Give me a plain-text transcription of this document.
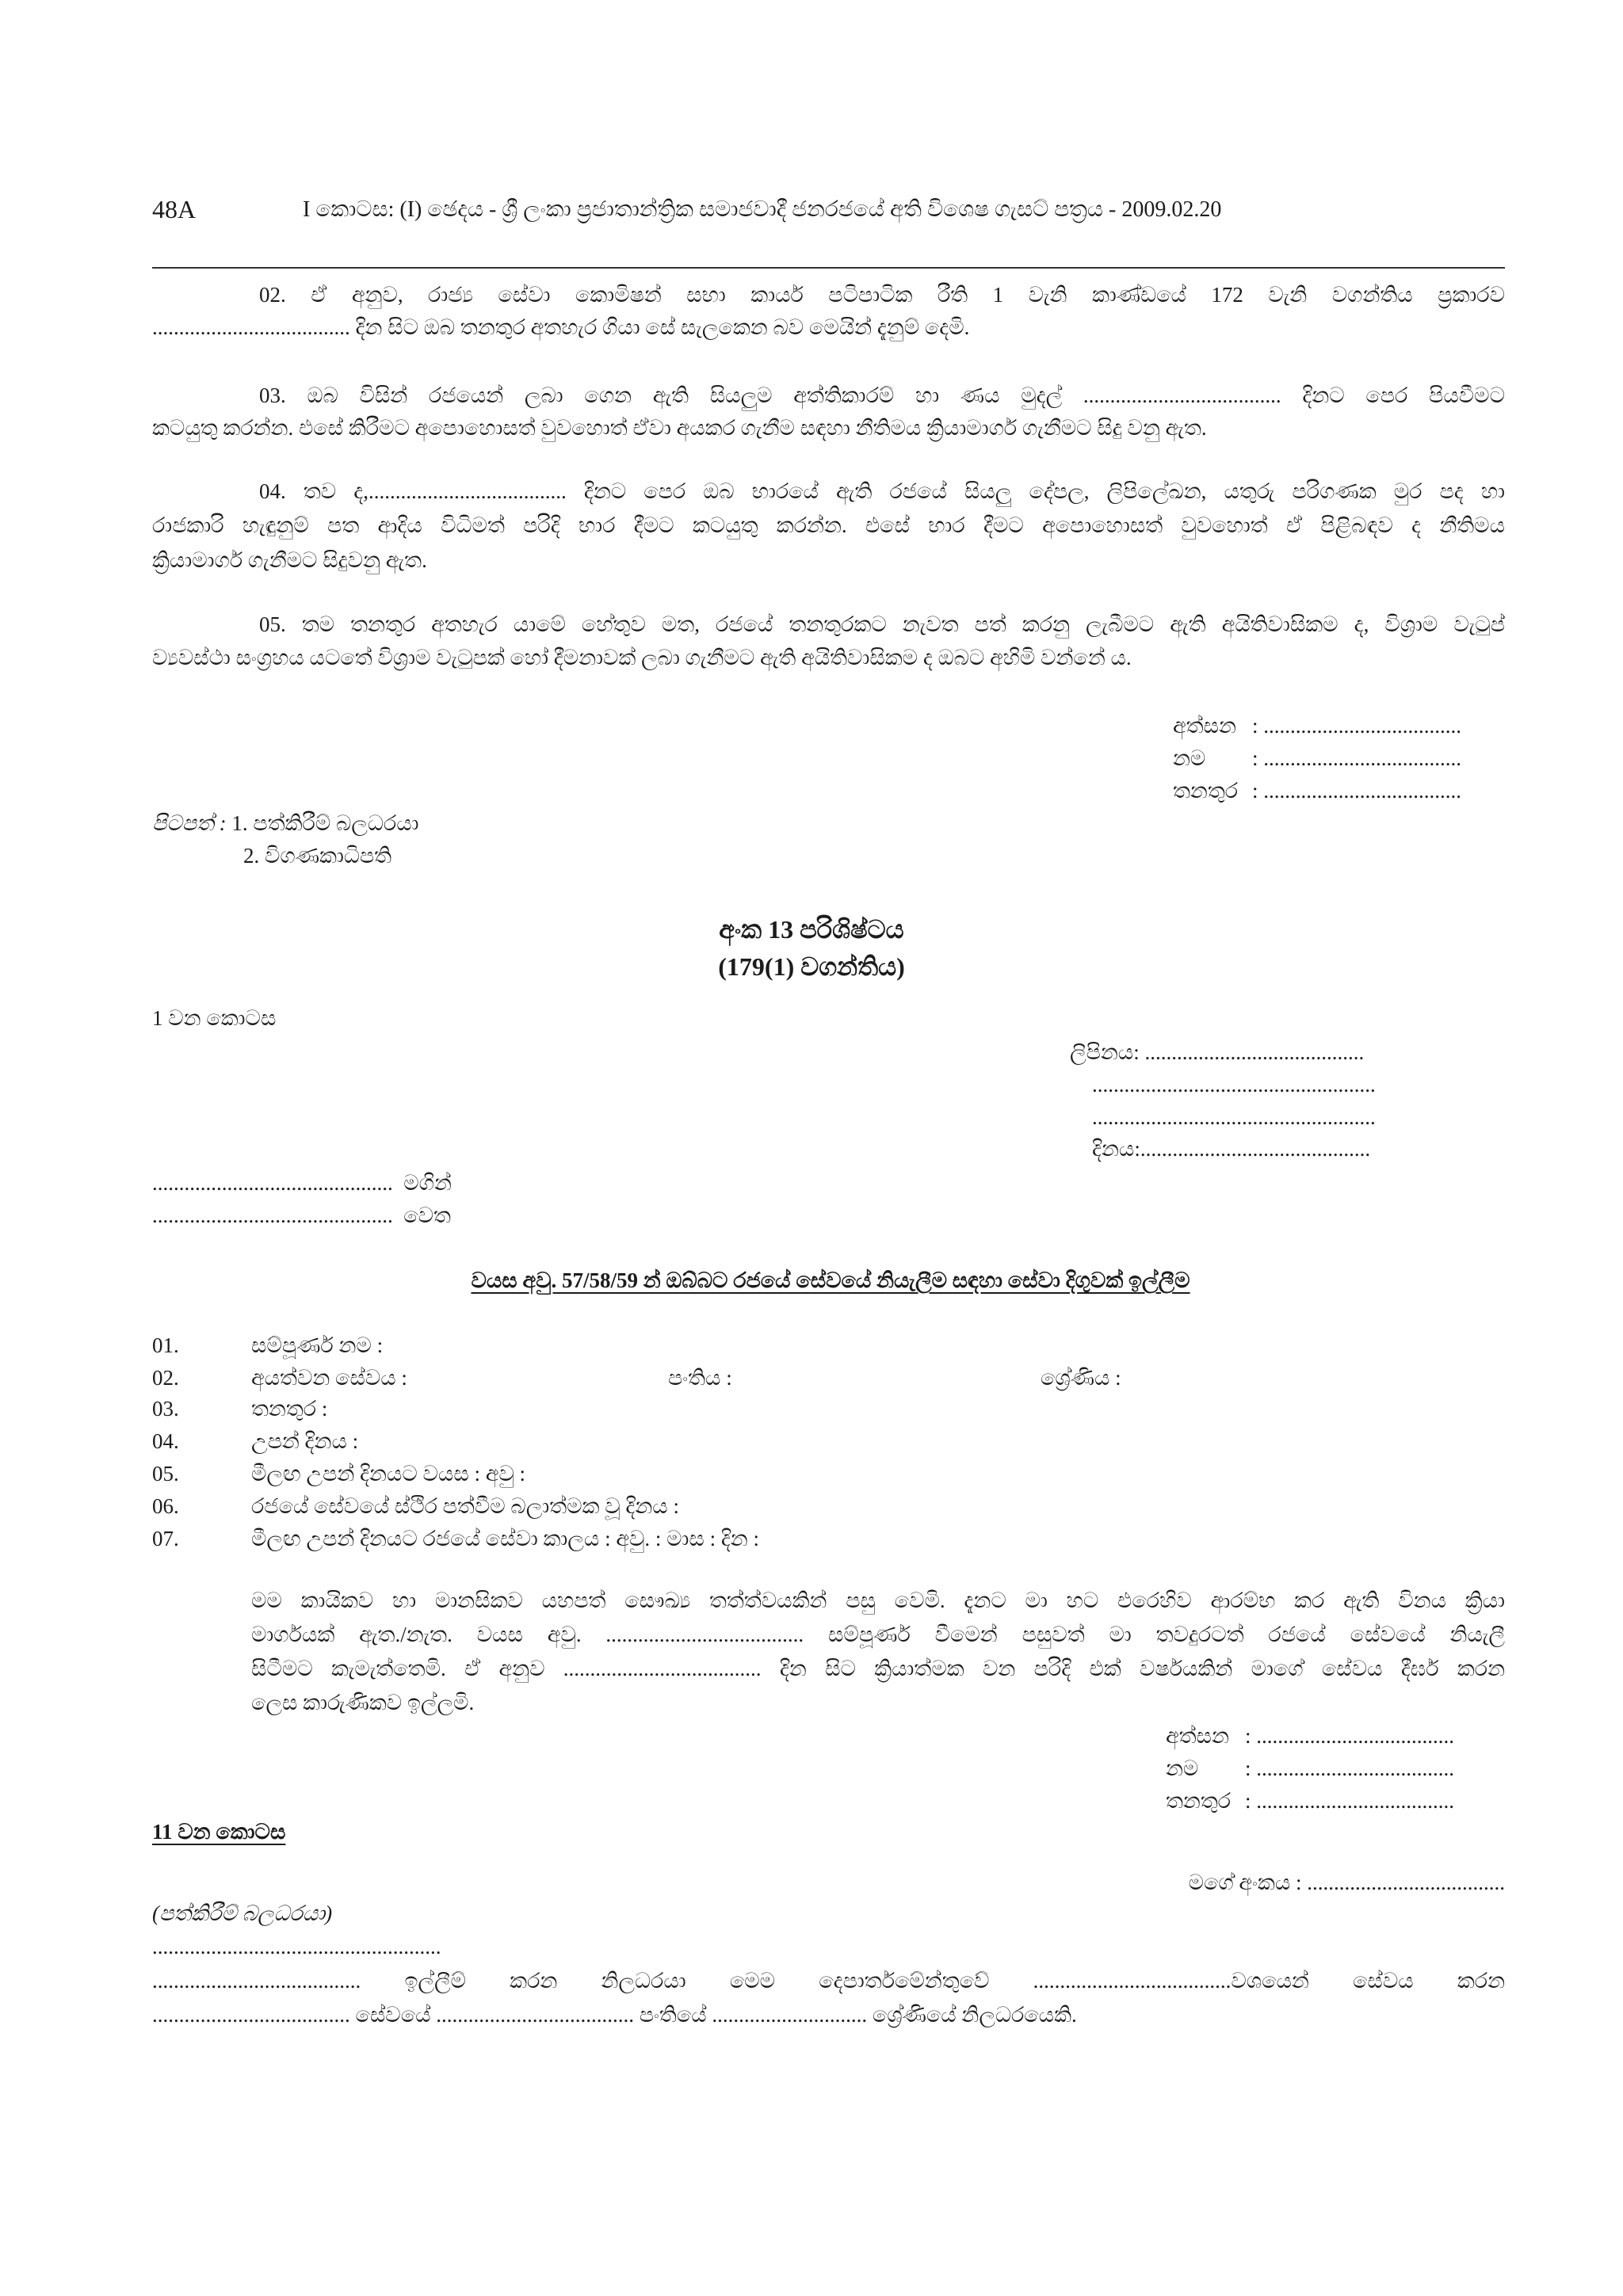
48A	I කොටස: (I) ඡෙදය - ශ්‍රී ලංකා ප්‍රජාතාන්ත්‍රික සමාජවාදී ජනරජයේ අති විශෙෂ ගැසට් පත්‍රය - 2009.02.20
02. ඒ අනුව, රාජ්‍ය සේවා කොමිෂන් සභා කාර්ය පටිපාටික රීති 1 වැනි කාණ්ඩයේ 172 වැනි වගන්තිය ප්‍රකාරව
..................................... දින සිට ඔබ තනතුර අතහැර ගියා සේ සැලකෙන බව මෙයින් දැනුම් දෙමි.
03. ඔබ විසින් රජයෙන් ලබා ගෙන ඇති සියලුම අත්තිකාරම් හා ණය මුදල් ..................................... දිනට පෙර පියවීමට
කටයුතු කරන්න. එසේ කිරීමට අපොහොසත් වුවහොත් ඒවා අයකර ගැනීම සඳහා නීතිමය ක්‍රියාමාර්ග ගැනීමට සිදු වනු ඇත.
04. තව ද,..................................... දිනට පෙර ඔබ භාරයේ ඇති රජයේ සියලු දේපල, ලිපිලේඛන, යතුරු පරිගණක මුර පද හා
රාජකාරි හැඳුනුම් පත ආදිය විධිමත් පරිදි භාර දීමට කටයුතු කරන්න. එසේ භාර දීමට අපොහොසත් වුවහොත් ඒ පිළිබඳව ද නීතිමය
ක්‍රියාමාර්ග ගැනීමට සිදුවනු ඇත.
05. තම තනතුර අතහැර යාමේ හේතුව මත, රජයේ තනතුරකට නැවත පත් කරනු ලැබීමට ඇති අයිතිවාසිකම ද, විශ්‍රාම වැටුප්
ව්‍යවස්ථා සංග්‍රහය යටතේ විශ්‍රාම වැටුපක් හෝ දීමනාවක් ලබා ගැනීමට ඇති අයිතිවාසිකම ද ඔබට අහිමි වන්නේ ය.
අත්සන : .....................................
නම : .....................................
තනතුර : .....................................
පිටපත් : 1. පත්කිරීම් බලධරයා
2. විගණකාධිපති
අංක 13 පරිශිෂ්ටය
(179(1) වගන්තිය)
1 වන කොටස
ලිපිනය: .........................................
.....................................................
.....................................................
දිනය:...........................................
............................................. මගින්
............................................. වෙත
වයස අවු. 57/58/59 න් ඔබ්බට රජයේ සේවයේ නියැලීම සඳහා සේවා දිගුවක් ඉල්ලීම
01.	සම්පූර්ණ නම :
02.	අයත්වන සේවය :	පංතිය :	ශ්‍රේණිය :
03.	තනතුර :
04.	උපන් දිනය :
05.	මීලඟ උපන් දිනයට වයස : අවු :
06.	රජයේ සේවයේ ස්ථිර පත්වීම බලාත්මක වූ දිනය :
07.	මීලඟ උපන් දිනයට රජයේ සේවා කාලය : අවු. : මාස : දින :
මම කායිකව හා මානසිකව යහපත් සෞඛ්‍ය තත්ත්වයකින් පසු වෙමි. දැනට මා හට එරෙහිව ආරම්භ කර ඇති විනය ක්‍රියා
මාර්ගයක් ඇත./නැත. වයස අවු. ..................................... සම්පූර්ණ වීමෙන් පසුවත් මා තවදුරටත් රජයේ සේවයේ නියැලී
සිටීමට කැමැත්තෙමි. ඒ අනුව ..................................... දින සිට ක්‍රියාත්මක වන පරිදි එක් වර්ෂයකින් මාගේ සේවය දීර්ඝ කරන
ලෙස කාරුණිකව ඉල්ලමි.
අත්සන : .....................................
නම : .....................................
තනතුර : .....................................
11 වන කොටස
මගේ අංකය : .....................................
(පත්කිරීම් බලධරයා)
......................................................
....................................... ඉල්ලීම් කරන නිලධරයා මෙම දෙපාර්තමේන්තුවේ .....................................වශයෙන් සේවය කරන
..................................... සේවයේ ..................................... පංතියේ ............................. ශ්‍රේණියේ නිලධරයෙකි.
